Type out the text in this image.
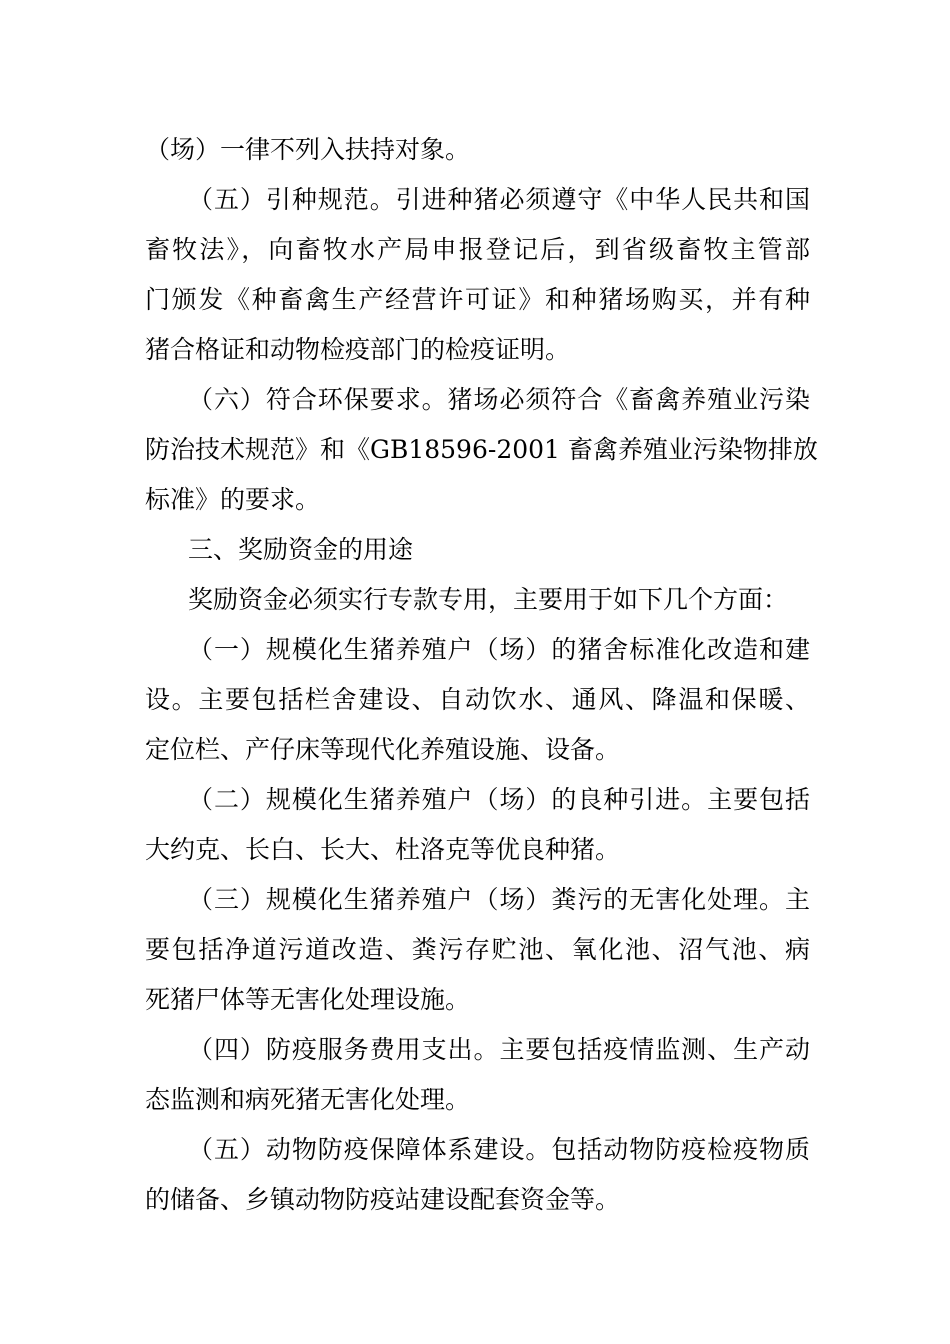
（场）一律不列入扶持对象。
（五）引种规范。引进种猪必须遵守《中华人民共和国
畜牧法》，向畜牧水产局申报登记后，到省级畜牧主管部
门颁发《种畜禽生产经营许可证》和种猪场购买，并有种
猪合格证和动物检疫部门的检疫证明。
（六）符合环保要求。猪场必须符合《畜禽养殖业污染
防治技术规范》和《GB18596-2001 畜禽养殖业污染物排放
标准》的要求。
三、奖励资金的用途
奖励资金必须实行专款专用，主要用于如下几个方面：
（一）规模化生猪养殖户（场）的猪舍标准化改造和建
设。主要包括栏舍建设、自动饮水、通风、降温和保暖、
定位栏、产仔床等现代化养殖设施、设备。
（二）规模化生猪养殖户（场）的良种引进。主要包括
大约克、长白、长大、杜洛克等优良种猪。
（三）规模化生猪养殖户（场）粪污的无害化处理。主
要包括净道污道改造、粪污存贮池、氧化池、沼气池、病
死猪尸体等无害化处理设施。
（四）防疫服务费用支出。主要包括疫情监测、生产动
态监测和病死猪无害化处理。
（五）动物防疫保障体系建设。包括动物防疫检疫物质
的储备、乡镇动物防疫站建设配套资金等。
